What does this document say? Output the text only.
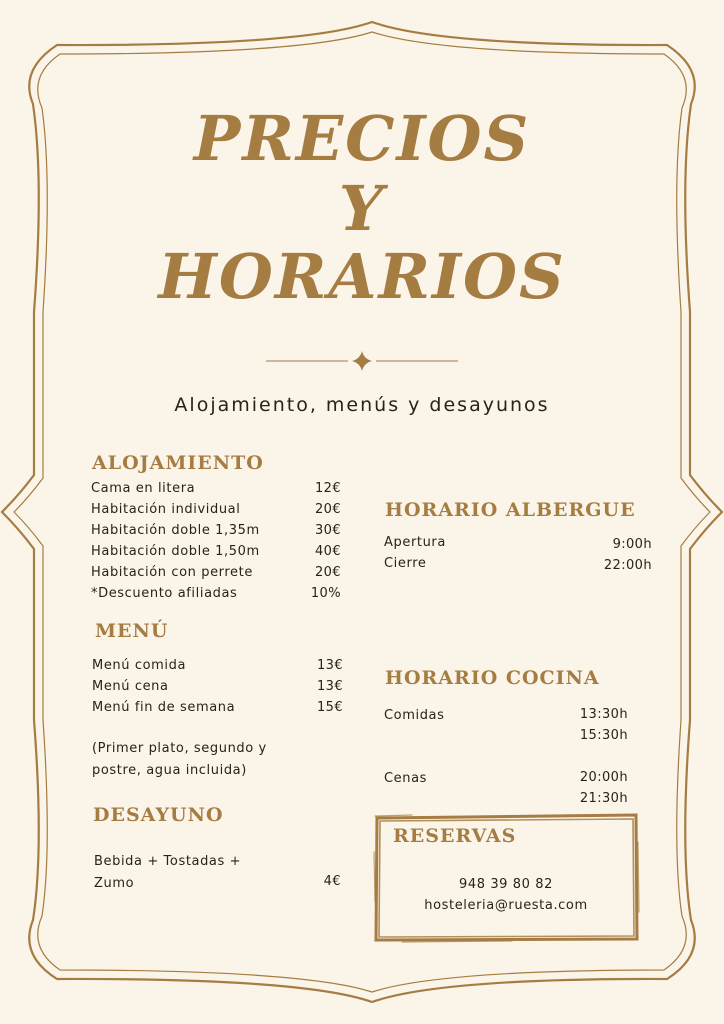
PRECIOS
Y
HORARIOS
Alojamiento, menús y desayunos
ALOJAMIENTO
Cama en litera	12€
Habitación individual	20€
Habitación doble 1,35m	30€
Habitación doble 1,50m	40€
Habitación con perrete	20€
*Descuento afiliadas	10%
MENÚ
Menú comida	13€
Menú cena	13€
Menú fin de semana	15€
(Primer plato, segundo y
postre, agua incluida)
DESAYUNO
Bebida + Tostadas +
Zumo	4€
HORARIO ALBERGUE
Apertura	9:00h
Cierre	22:00h
HORARIO COCINA
Comidas	13:30h
15:30h
Cenas	20:00h
21:30h
RESERVAS
948 39 80 82
hosteleria@ruesta.com
